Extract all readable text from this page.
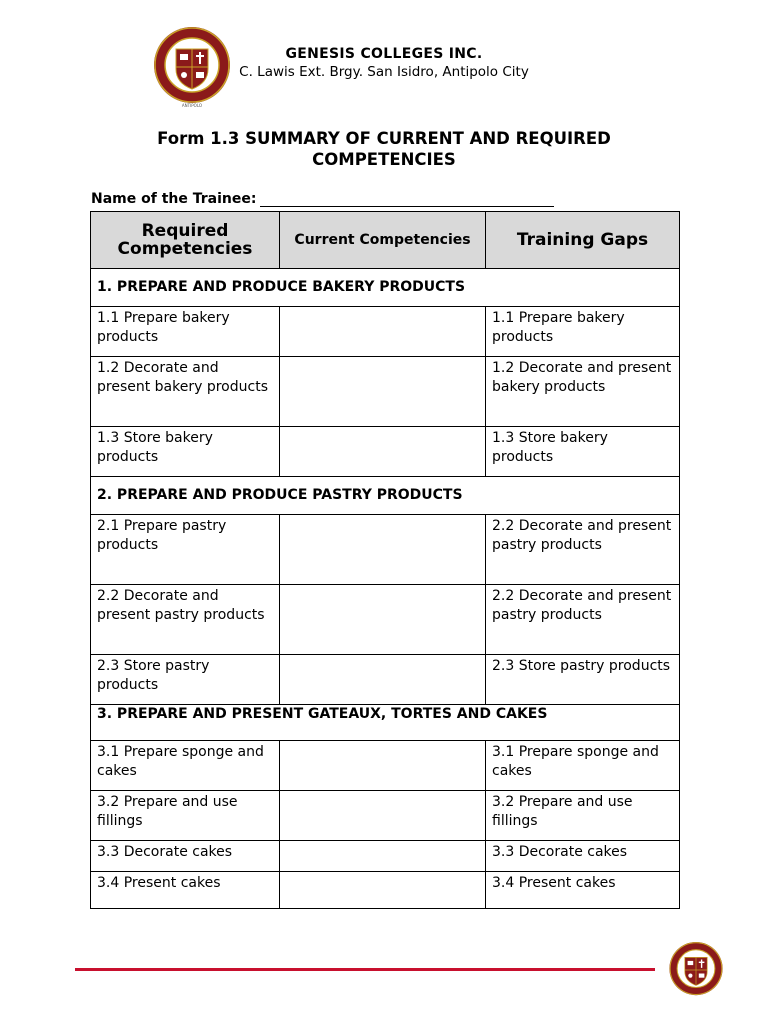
ANTIPOLO
GENESIS COLLEGES INC.
C. Lawis Ext. Brgy. San Isidro, Antipolo City
Form 1.3 SUMMARY OF CURRENT AND REQUIRED COMPETENCIES
Name of the Trainee:
Required Competencies	Current Competencies	Training Gaps
1. PREPARE AND PRODUCE BAKERY PRODUCTS		
1.1 Prepare bakery products		1.1 Prepare bakery products
1.2 Decorate and present bakery products		1.2 Decorate and present bakery products
1.3 Store bakery products		1.3 Store bakery products
2. PREPARE AND PRODUCE PASTRY PRODUCTS		
2.1 Prepare pastry products		2.2 Decorate and present pastry products
2.2 Decorate and present pastry products		2.2 Decorate and present pastry products
2.3 Store pastry products		2.3 Store pastry products
3. PREPARE AND PRESENT GATEAUX, TORTES AND CAKES		
3.1 Prepare sponge and cakes		3.1 Prepare sponge and cakes
3.2 Prepare and use fillings		3.2 Prepare and use fillings
3.3 Decorate cakes		3.3 Decorate cakes
3.4 Present cakes		3.4 Present cakes
